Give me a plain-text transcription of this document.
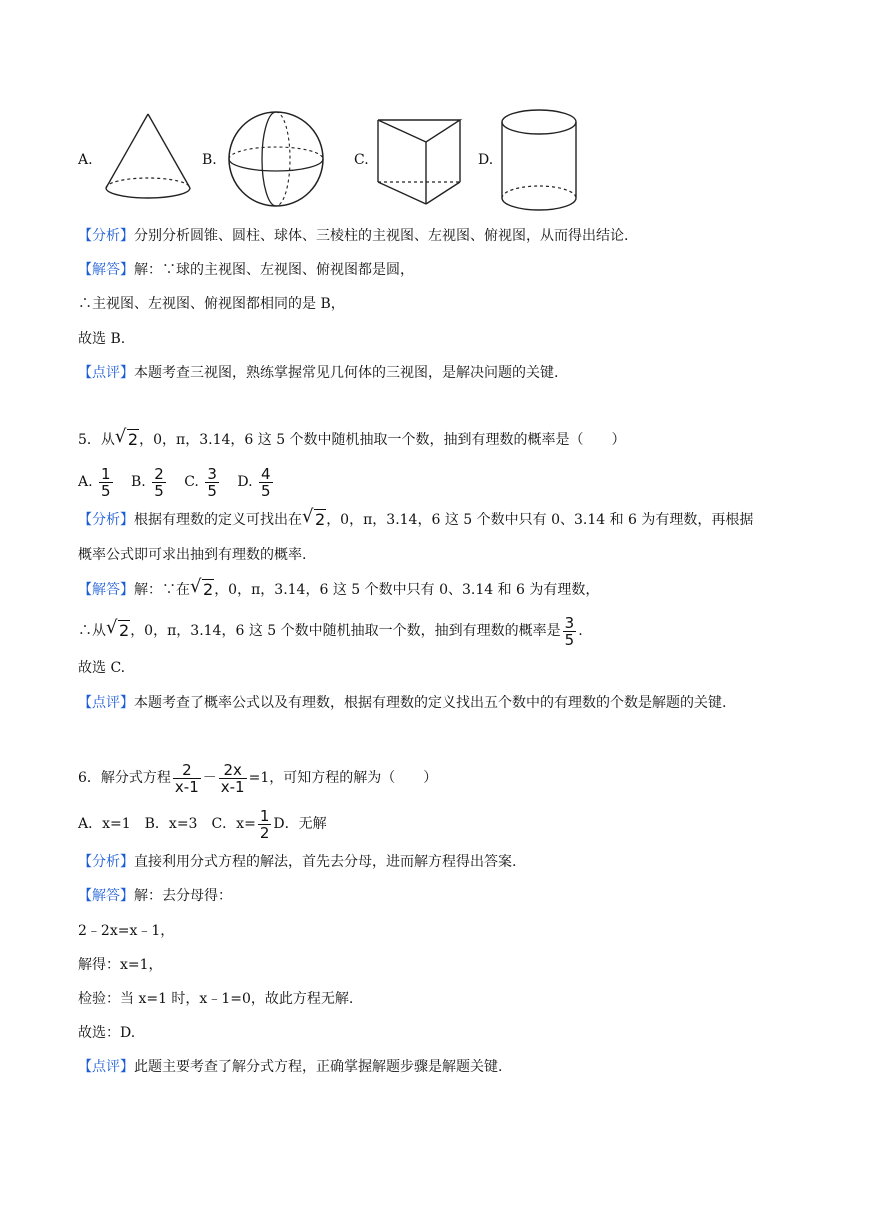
A.	B.	C.	D.
【分析】分别分析圆锥、圆柱、球体、三棱柱的主视图、左视图、俯视图，从而得出结论.
【解答】解：∵球的主视图、左视图、俯视图都是圆，
∴主视图、左视图、俯视图都相同的是 B，
故选 B.
【点评】本题考查三视图，熟练掌握常见几何体的三视图，是解决问题的关键.
5．从 √ 2，0，π，3.14，6 这 5 个数中随机抽取一个数，抽到有理数的概率是（　　）
A. $\frac{1}{5} B$. $\frac{2}{5} C$. $\frac{3}{5} D$. $\frac{4}{5}$
【分析】根据有理数的定义可找出在 √ 2，0，π，3.14，6 这 5 个数中只有 0、3.14 和 6 为有理数，再根据
概率公式即可求出抽到有理数的概率.
【解答】解：∵在 √ 2，0，π，3.14，6 这 5 个数中只有 0、3.14 和 6 为有理数，
∴从 √ 2，0，π，3.14，6 这 5 个数中随机抽取一个数，抽到有理数的概率是 $\frac{3}{5}$ .
故选 C.
【点评】本题考查了概率公式以及有理数，根据有理数的定义找出五个数中的有理数的个数是解题的关键.
6．解分式方程 $\frac{2}{x-1} - \frac{2x}{x-1} =1$，可知方程的解为（　　）
A．x=1　B．x=3　C．$x= \frac{1}{2}$ D．无解
【分析】直接利用分式方程的解法，首先去分母，进而解方程得出答案.
【解答】解：去分母得：
2﹣2x=x﹣1，
解得：x=1，
检验：当 x=1 时，x﹣1=0，故此方程无解.
故选：D.
【点评】此题主要考查了解分式方程，正确掌握解题步骤是解题关键.
